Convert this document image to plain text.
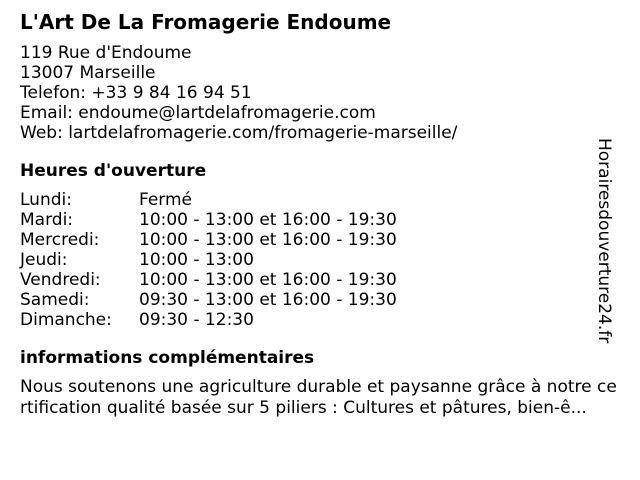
L'Art De La Fromagerie Endoume
119 Rue d'Endoume
13007 Marseille
Telefon: +33 9 84 16 94 51
Email: endoume@lartdelafromagerie.com
Web: lartdelafromagerie.com/fromagerie-marseille/
Heures d'ouverture
Lundi:	Fermé
Mardi:	10:00 - 13:00 et 16:00 - 19:30
Mercredi:	10:00 - 13:00 et 16:00 - 19:30
Jeudi:	10:00 - 13:00
Vendredi:	10:00 - 13:00 et 16:00 - 19:30
Samedi:	09:30 - 13:00 et 16:00 - 19:30
Dimanche:	09:30 - 12:30
informations complémentaires
Nous soutenons une agriculture durable et paysanne grâce à notre certification qualité basée sur 5 piliers : Cultures et pâtures, bien-ê...
Horairesdouverture24.fr
